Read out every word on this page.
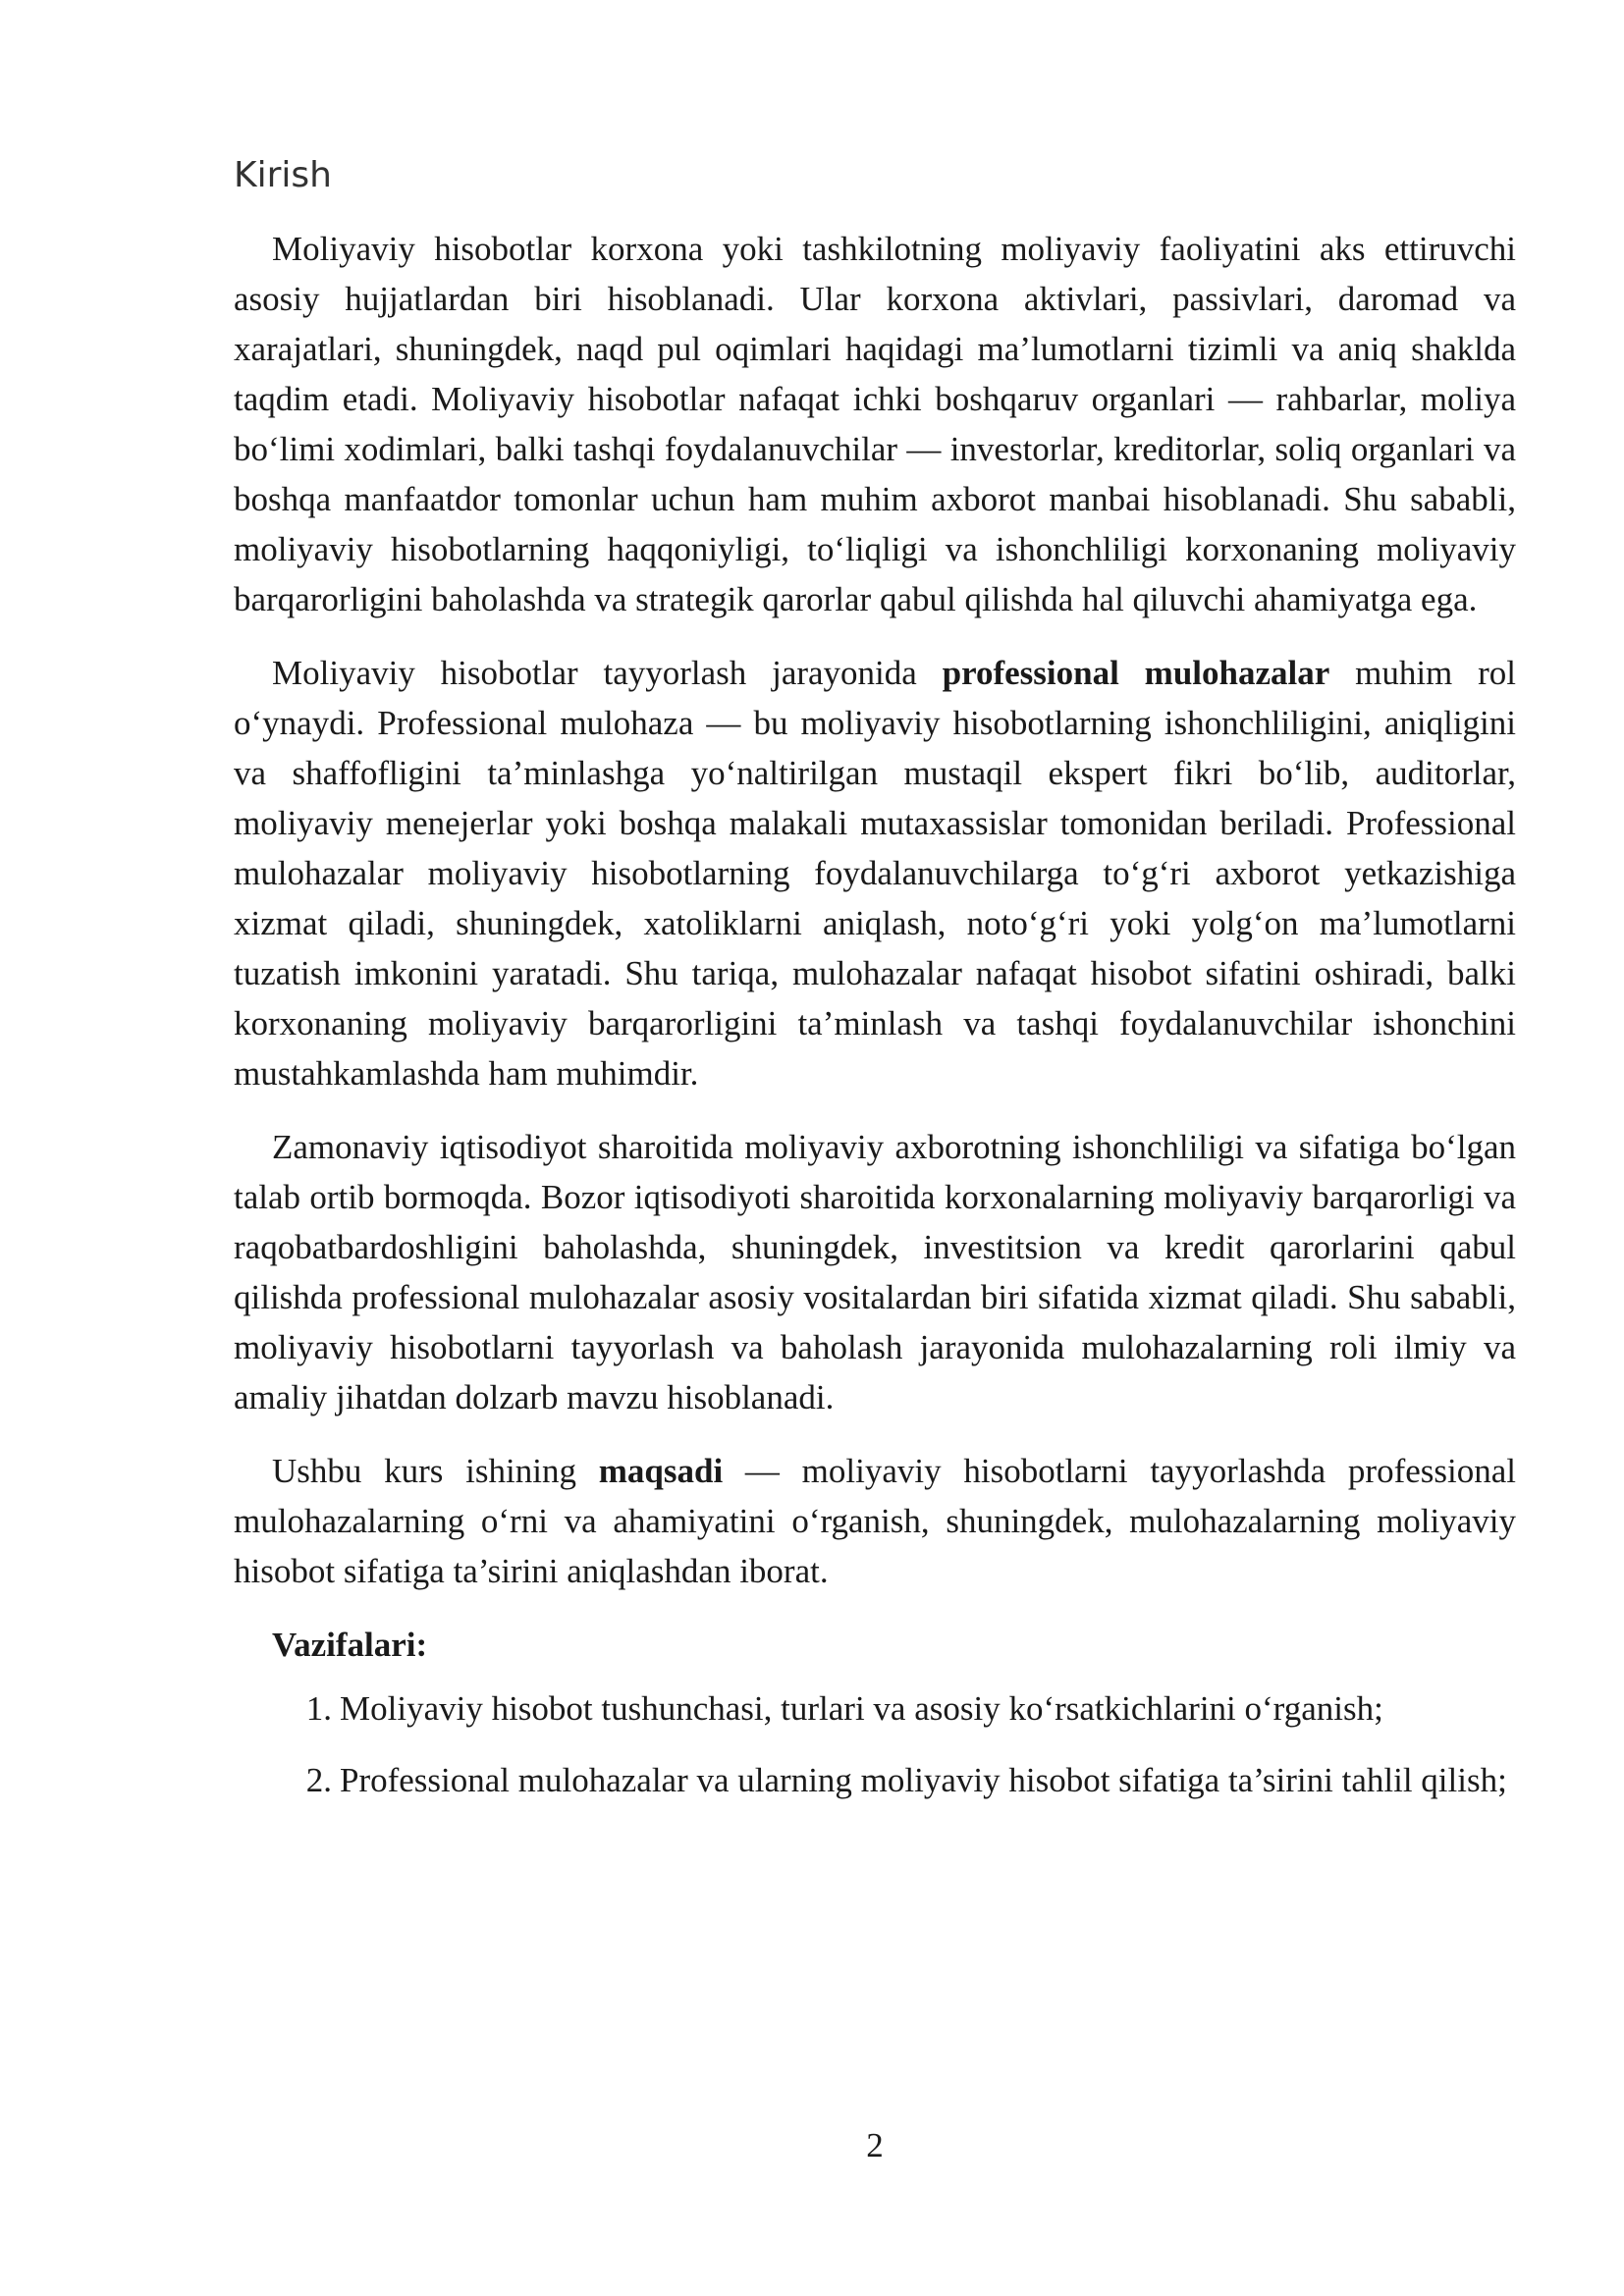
Kirish

Moliyaviy hisobotlar korxona yoki tashkilotning moliyaviy faoliyatini aks ettiruvchi asosiy hujjatlardan biri hisoblanadi. Ular korxona aktivlari, passivlari, daromad va xarajatlari, shuningdek, naqd pul oqimlari haqidagi ma’lumotlarni tizimli va aniq shaklda taqdim etadi. Moliyaviy hisobotlar nafaqat ichki boshqaruv organlari — rahbarlar, moliya bo‘limi xodimlari, balki tashqi foydalanuvchilar — investorlar, kreditorlar, soliq organlari va boshqa manfaatdor tomonlar uchun ham muhim axborot manbai hisoblanadi. Shu sababli, moliyaviy hisobotlarning haqqoniyligi, to‘liqligi va ishonchliligi korxonaning moliyaviy barqarorligini baholashda va strategik qarorlar qabul qilishda hal qiluvchi ahamiyatga ega.

Moliyaviy hisobotlar tayyorlash jarayonida professional mulohazalar muhim rol o‘ynaydi. Professional mulohaza — bu moliyaviy hisobotlarning ishonchliligini, aniqligini va shaffofligini ta’minlashga yo‘naltirilgan mustaqil ekspert fikri bo‘lib, auditorlar, moliyaviy menejerlar yoki boshqa malakali mutaxassislar tomonidan beriladi. Professional mulohazalar moliyaviy hisobotlarning foydalanuvchilarga to‘g‘ri axborot yetkazishiga xizmat qiladi, shuningdek, xatoliklarni aniqlash, noto‘g‘ri yoki yolg‘on ma’lumotlarni tuzatish imkonini yaratadi. Shu tariqa, mulohazalar nafaqat hisobot sifatini oshiradi, balki korxonaning moliyaviy barqarorligini ta’minlash va tashqi foydalanuvchilar ishonchini mustahkamlashda ham muhimdir.

Zamonaviy iqtisodiyot sharoitida moliyaviy axborotning ishonchliligi va sifatiga bo‘lgan talab ortib bormoqda. Bozor iqtisodiyoti sharoitida korxonalarning moliyaviy barqarorligi va raqobatbardoshligini baholashda, shuningdek, investitsion va kredit qarorlarini qabul qilishda professional mulohazalar asosiy vositalardan biri sifatida xizmat qiladi. Shu sababli, moliyaviy hisobotlarni tayyorlash va baholash jarayonida mulohazalarning roli ilmiy va amaliy jihatdan dolzarb mavzu hisoblanadi.

Ushbu kurs ishining maqsadi — moliyaviy hisobotlarni tayyorlashda professional mulohazalarning o‘rni va ahamiyatini o‘rganish, shuningdek, mulohazalarning moliyaviy hisobot sifatiga ta’sirini aniqlashdan iborat.

Vazifalari:
1. Moliyaviy hisobot tushunchasi, turlari va asosiy ko‘rsatkichlarini o‘rganish;
2. Professional mulohazalar va ularning moliyaviy hisobot sifatiga ta’sirini tahlil qilish;
2
